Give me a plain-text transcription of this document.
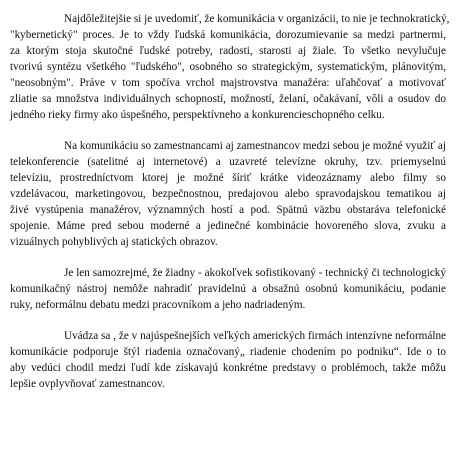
Najdôležitejšie si je uvedomiť, že komunikácia v organizácii, to nie je technokratický,
"kybernetický" proces. Je to vždy ľudská komunikácia, dorozumievanie sa medzi partnermi,
za ktorým stoja skutočné ľudské potreby, radosti, starosti aj žiale. To všetko nevylučuje
tvorivú syntézu všetkého "ľudského", osobného so strategickým, systematickým, plánovitým,
"neosobným". Práve v tom spočíva vrchol majstrovstva manažéra: uľahčovať a motivovať
zliatie sa množstva individuálnych schopností, možností, želaní, očakávaní, vôli a osudov do
jedného rieky firmy ako úspešného, perspektívneho a konkurencieschopného celku.
Na komunikáciu so zamestnancami aj zamestnancov medzi sebou je možné využiť aj
telekonferencie (satelitné aj internetové) a uzavreté televízne okruhy, tzv. priemyselnú
televíziu, prostredníctvom ktorej je možné šíriť krátke videozáznamy alebo filmy so
vzdelávacou, marketingovou, bezpečnostnou, predajovou alebo spravodajskou tematikou aj
živé vystúpenia manažérov, významných hostí a pod. Spätnú väzbu obstaráva telefonické
spojenie. Máme pred sebou moderné a jedinečné kombinácie hovoreného slova, zvuku a
vizuálnych pohyblivých aj statických obrazov.
Je len samozrejmé, že žiadny - akokoľvek sofistikovaný - technický či technologický
komunikačný nástroj nemôže nahradiť pravidelnú a obsažnú osobnú komunikáciu, podanie
ruky, neformálnu debatu medzi pracovníkom a jeho nadriadeným.
Uvádza sa , že v najúspešnejších veľkých amerických firmách intenzívne neformálne
komunikácie podporuje štýl riadenia označovaný„ riadenie chodením po podniku“. Ide o to
aby vedúci chodil medzi ľudí kde získavajú konkrétne predstavy o problémoch, takže môžu
lepšie ovplyvňovať zamestnancov.
